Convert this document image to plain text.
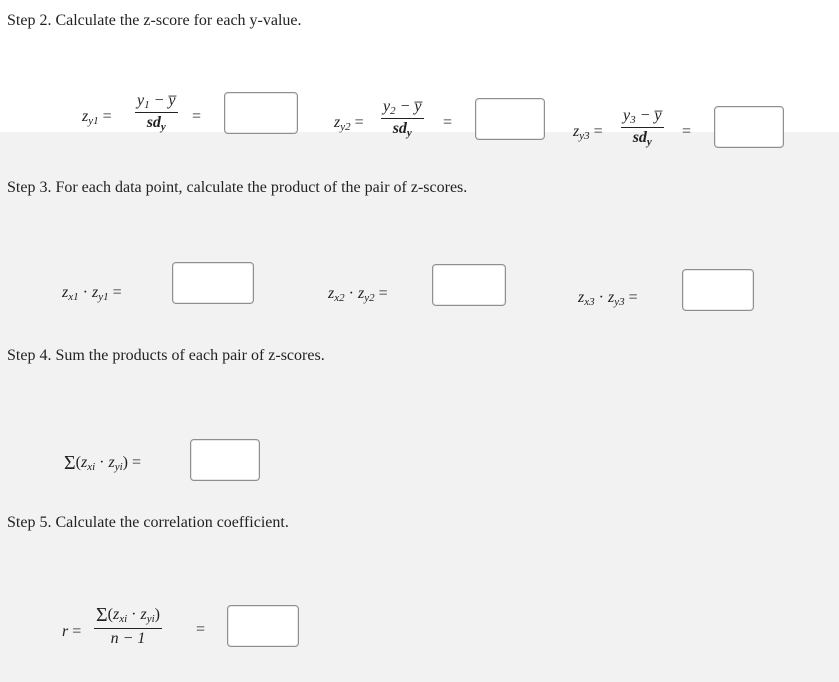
Step 2. Calculate the z-score for each y-value.
$z_{y1}$ =
$y_1$ − y̅
$sd_y$
=	$z_{y2}$ =
$y_2$ − y̅
$sd_y$
=
$z_{y3}$ =
$y_3$ − y̅
$sd_y$
=
Step 3. For each data point, calculate the product of the pair of z-scores.
$z_{x1} \cdot z_{y1}$ =	$z_{x2} \cdot z_{y2}$ =	$z_{x3} \cdot z_{y3}$ =
Step 4. Sum the products of each pair of z-scores.
$\Sigma(z_{xi} \cdot z_{yi})$ =
Step 5. Calculate the correlation coefficient.
r =
$\Sigma(z_{xi} \cdot z_{yi})$
n − 1
=
